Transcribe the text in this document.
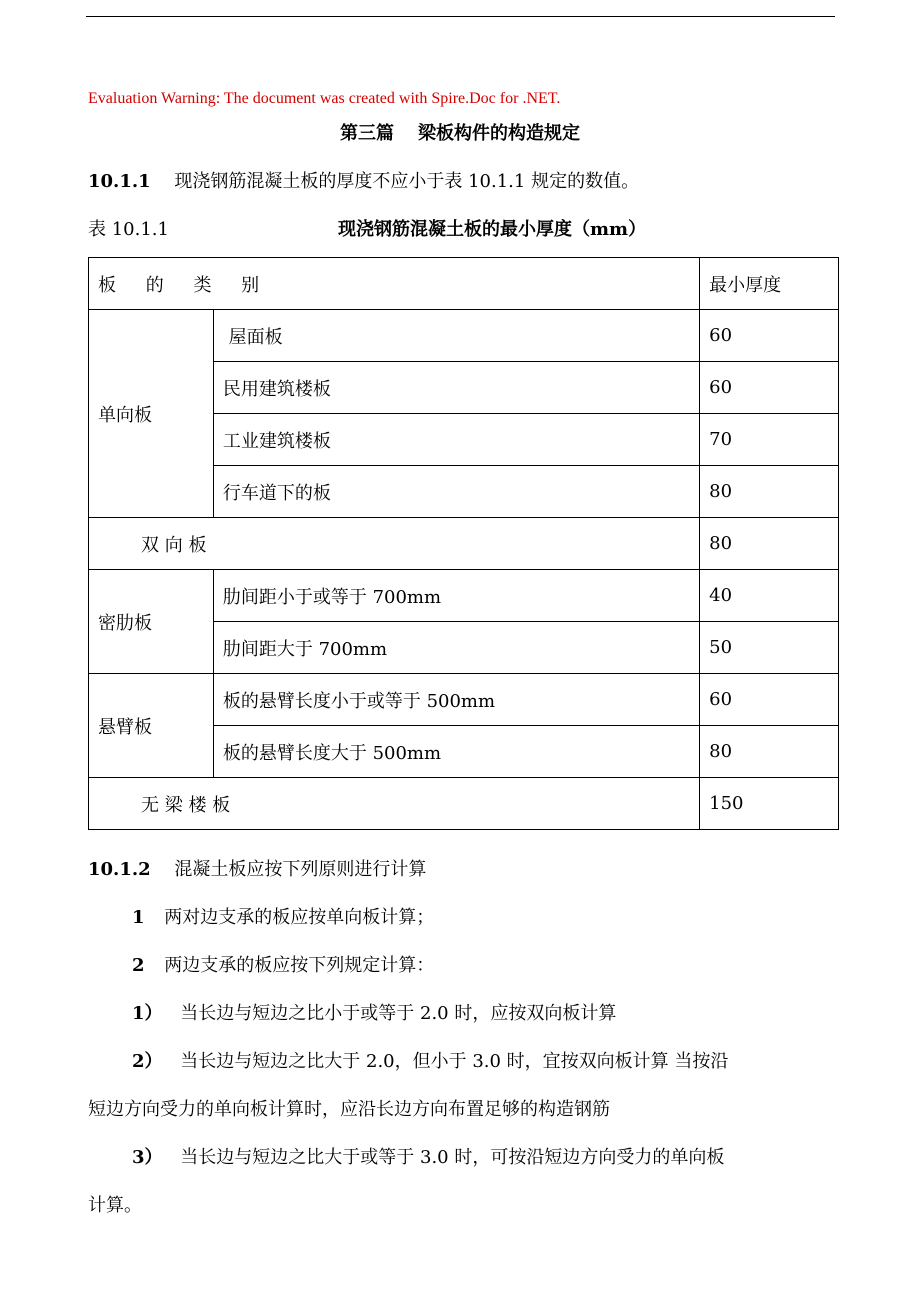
Evaluation Warning: The document was created with Spire.Doc for .NET.
第三篇 梁板构件的构造规定
10.1.1 现浇钢筋混凝土板的厚度不应小于表 10.1.1 规定的数值。
表 10.1.1	现浇钢筋混凝土板的最小厚度（mm）
板 的 类 别		最小厚度
单向板	屋面板	60
	民用建筑楼板	60
	工业建筑楼板	70
	行车道下的板	80
双 向 板		80
密肋板	肋间距小于或等于 700mm	40
	肋间距大于 700mm	50
悬臂板	板的悬臂长度小于或等于 500mm	60
	板的悬臂长度大于 500mm	80
无 梁 楼 板		150
10.1.2 混凝土板应按下列原则进行计算
1 两对边支承的板应按单向板计算；
2 两边支承的板应按下列规定计算：
1） 当长边与短边之比小于或等于 2.0 时，应按双向板计算
2） 当长边与短边之比大于 2.0，但小于 3.0 时，宜按双向板计算 当按沿
短边方向受力的单向板计算时，应沿长边方向布置足够的构造钢筋
3） 当长边与短边之比大于或等于 3.0 时，可按沿短边方向受力的单向板
计算。
